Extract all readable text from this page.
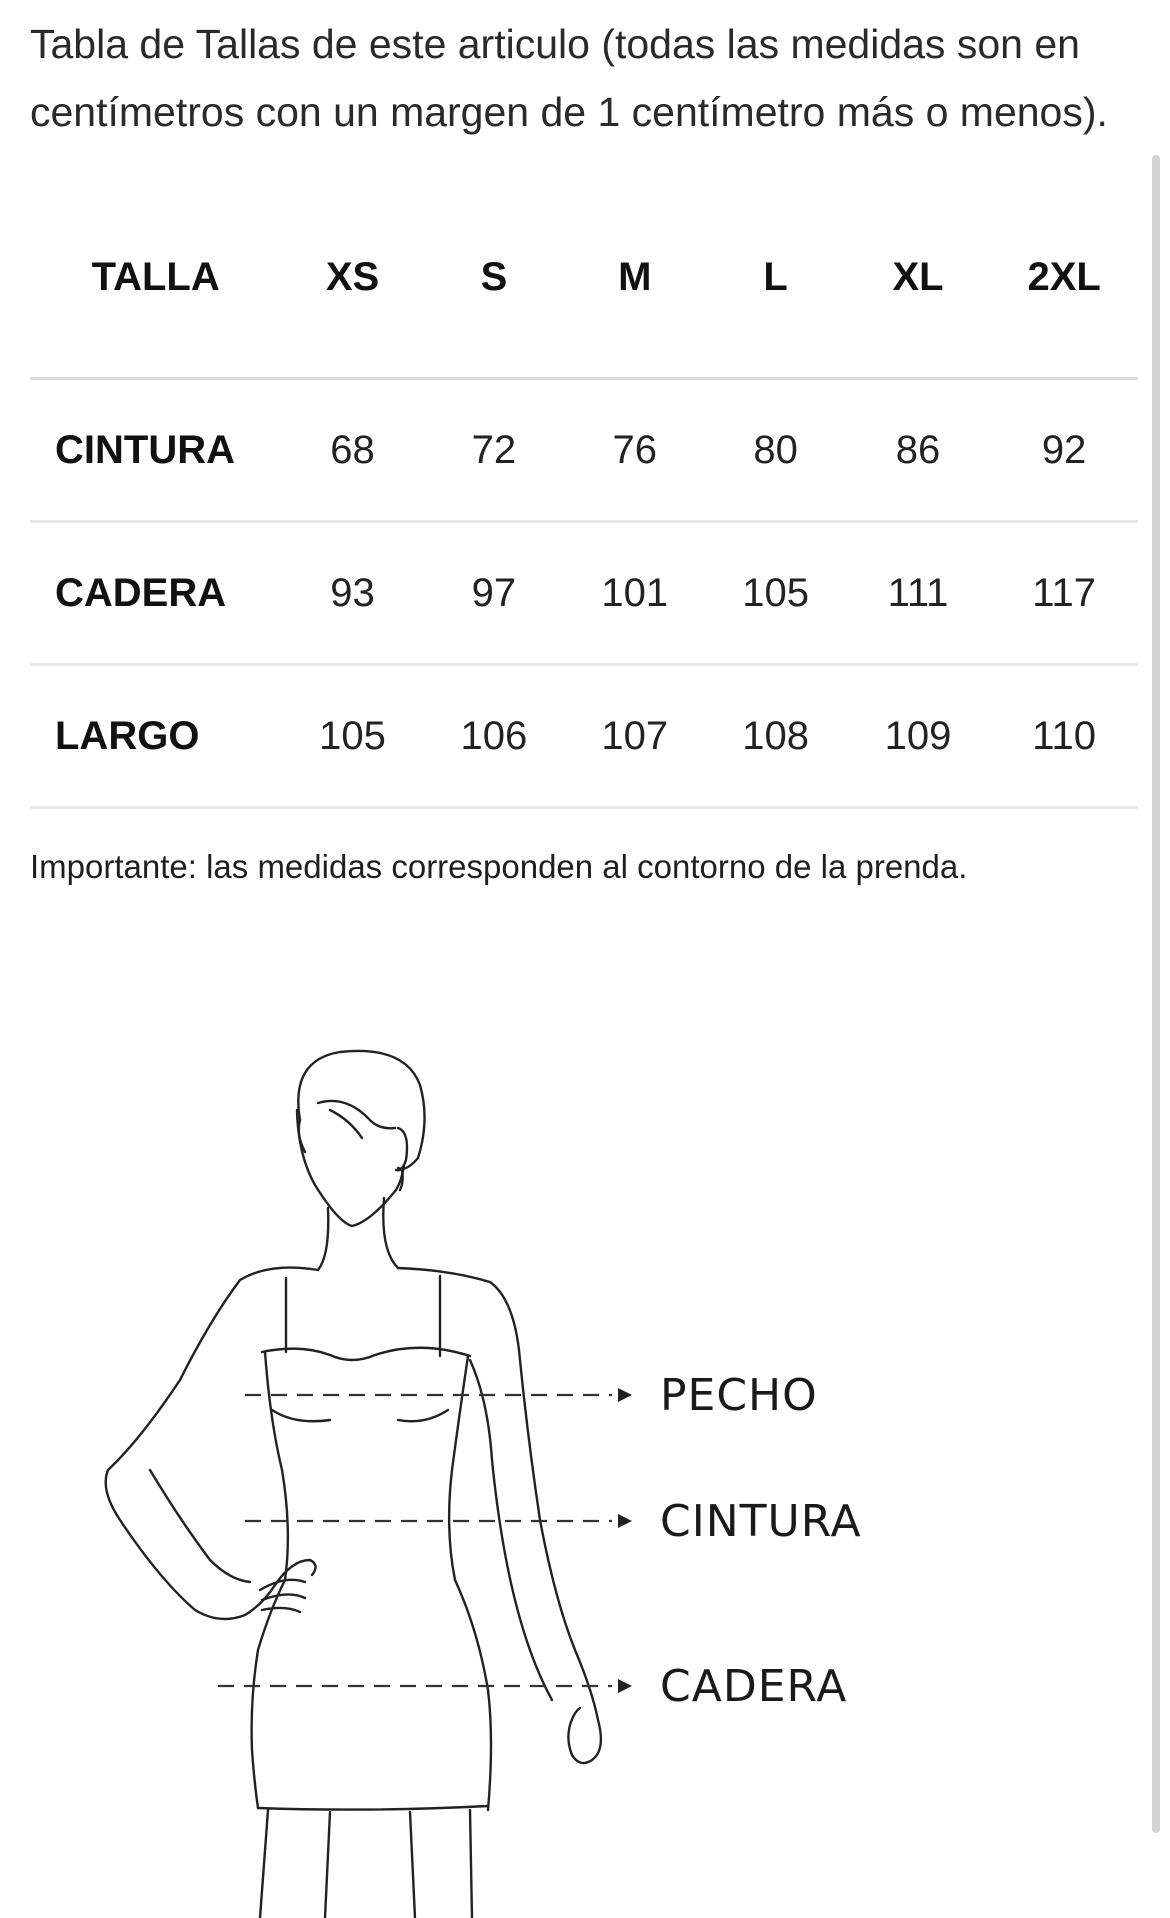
Tabla de Tallas de este articulo (todas las medidas son en centímetros con un margen de 1 centímetro más o menos).

TALLA	XS	S	M	L	XL	2XL
CINTURA	68	72	76	80	86	92
CADERA	93	97	101	105	111	117
LARGO	105	106	107	108	109	110

Importante: las medidas corresponden al contorno de la prenda.

PECHO
CINTURA
CADERA
